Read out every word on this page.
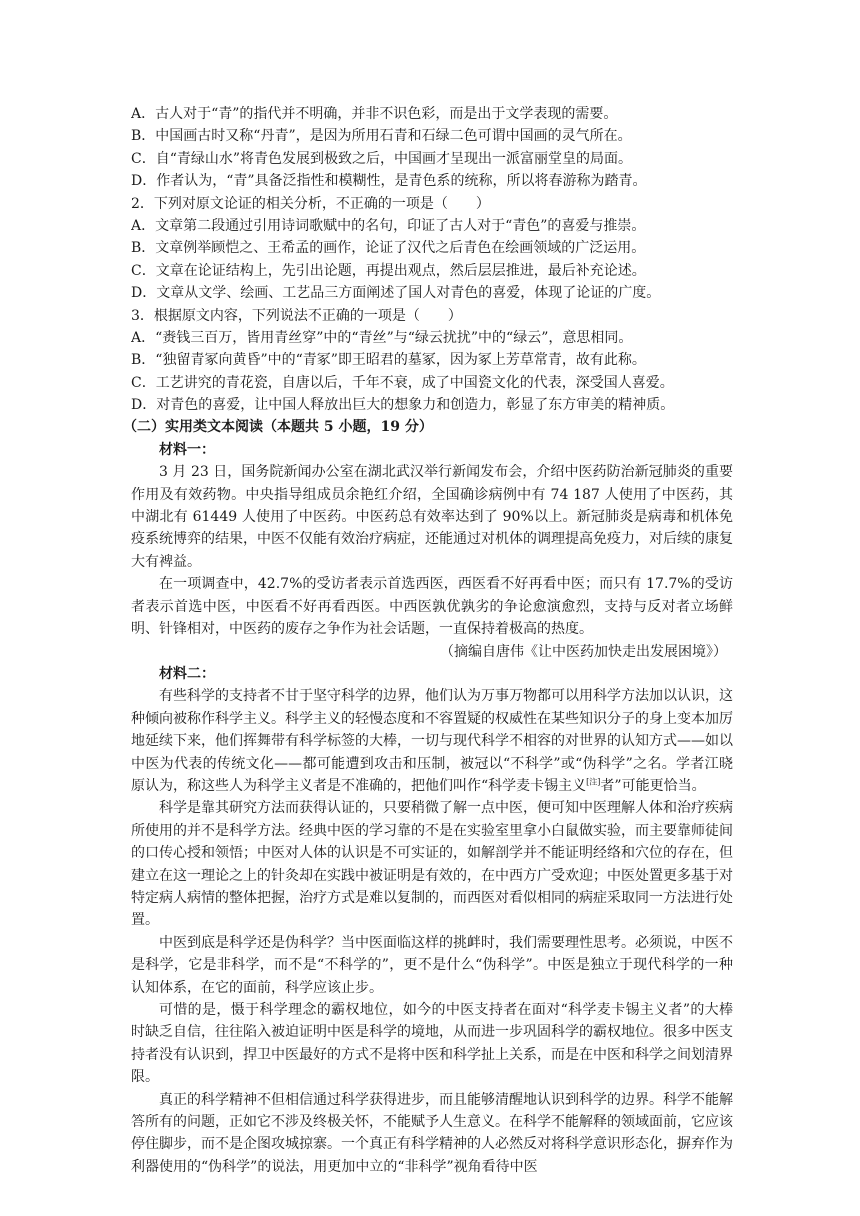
A．古人对于“青”的指代并不明确，并非不识色彩，而是出于文学表现的需要。
B．中国画古时又称“丹青”，是因为所用石青和石绿二色可谓中国画的灵气所在。
C．自“青绿山水”将青色发展到极致之后，中国画才呈现出一派富丽堂皇的局面。
D．作者认为，“青”具备泛指性和模糊性，是青色系的统称，所以将春游称为踏青。
2．下列对原文论证的相关分析，不正确的一项是（　　）
A．文章第二段通过引用诗词歌赋中的名句，印证了古人对于“青色”的喜爱与推崇。
B．文章例举顾恺之、王希孟的画作，论证了汉代之后青色在绘画领域的广泛运用。
C．文章在论证结构上，先引出论题，再提出观点，然后层层推进，最后补充论述。
D．文章从文学、绘画、工艺品三方面阐述了国人对青色的喜爱，体现了论证的广度。
3．根据原文内容，下列说法不正确的一项是（　　）
A．“赉钱三百万，皆用青丝穿”中的“青丝”与“绿云扰扰”中的“绿云”，意思相同。
B．“独留青冢向黄昏”中的“青冢”即王昭君的墓冢，因为冢上芳草常青，故有此称。
C．工艺讲究的青花瓷，自唐以后，千年不衰，成了中国瓷文化的代表，深受国人喜爱。
D．对青色的喜爱，让中国人释放出巨大的想象力和创造力，彰显了东方审美的精神质。
（二）实用类文本阅读（本题共 5 小题，19 分）
材料一：

3 月 23 日，国务院新闻办公室在湖北武汉举行新闻发布会，介绍中医药防治新冠肺炎的重要作用及有效药物。中央指导组成员余艳红介绍，全国确诊病例中有 74 187 人使用了中医药，其中湖北有 61449 人使用了中医药。中医药总有效率达到了 90%以上。新冠肺炎是病毒和机体免疫系统博弈的结果，中医不仅能有效治疗病症，还能通过对机体的调理提高免疫力，对后续的康复大有裨益。

在一项调查中，42.7%的受访者表示首选西医，西医看不好再看中医；而只有 17.7%的受访者表示首选中医，中医看不好再看西医。中西医孰优孰劣的争论愈演愈烈，支持与反对者立场鲜明、针锋相对，中医药的废存之争作为社会话题，一直保持着极高的热度。

（摘编自唐伟《让中医药加快走出发展困境》）
材料二：

有些科学的支持者不甘于坚守科学的边界，他们认为万事万物都可以用科学方法加以认识，这种倾向被称作科学主义。科学主义的轻慢态度和不容置疑的权威性在某些知识分子的身上变本加厉地延续下来，他们挥舞带有科学标签的大棒，一切与现代科学不相容的对世界的认知方式——如以中医为代表的传统文化——都可能遭到攻击和压制，被冠以“不科学”或“伪科学”之名。学者江晓原认为，称这些人为科学主义者是不准确的，把他们叫作“科学麦卡锡主义[注]者”可能更恰当。

科学是靠其研究方法而获得认证的，只要稍微了解一点中医，便可知中医理解人体和治疗疾病所使用的并不是科学方法。经典中医的学习靠的不是在实验室里拿小白鼠做实验，而主要靠师徒间的口传心授和领悟；中医对人体的认识是不可实证的，如解剖学并不能证明经络和穴位的存在，但建立在这一理论之上的针灸却在实践中被证明是有效的，在中西方广受欢迎；中医处置更多基于对特定病人病情的整体把握，治疗方式是难以复制的，而西医对看似相同的病症采取同一方法进行处置。

中医到底是科学还是伪科学？当中医面临这样的挑衅时，我们需要理性思考。必须说，中医不是科学，它是非科学，而不是“不科学的”，更不是什么“伪科学”。中医是独立于现代科学的一种认知体系，在它的面前，科学应该止步。

可惜的是，慑于科学理念的霸权地位，如今的中医支持者在面对“科学麦卡锡主义者”的大棒时缺乏自信，往往陷入被迫证明中医是科学的境地，从而进一步巩固科学的霸权地位。很多中医支持者没有认识到，捍卫中医最好的方式不是将中医和科学扯上关系，而是在中医和科学之间划清界限。

真正的科学精神不但相信通过科学获得进步，而且能够清醒地认识到科学的边界。科学不能解答所有的问题，正如它不涉及终极关怀，不能赋予人生意义。在科学不能解释的领域面前，它应该停住脚步，而不是企图攻城掠寨。一个真正有科学精神的人必然反对将科学意识形态化，摒弃作为利器使用的“伪科学”的说法，用更加中立的“非科学”视角看待中医
